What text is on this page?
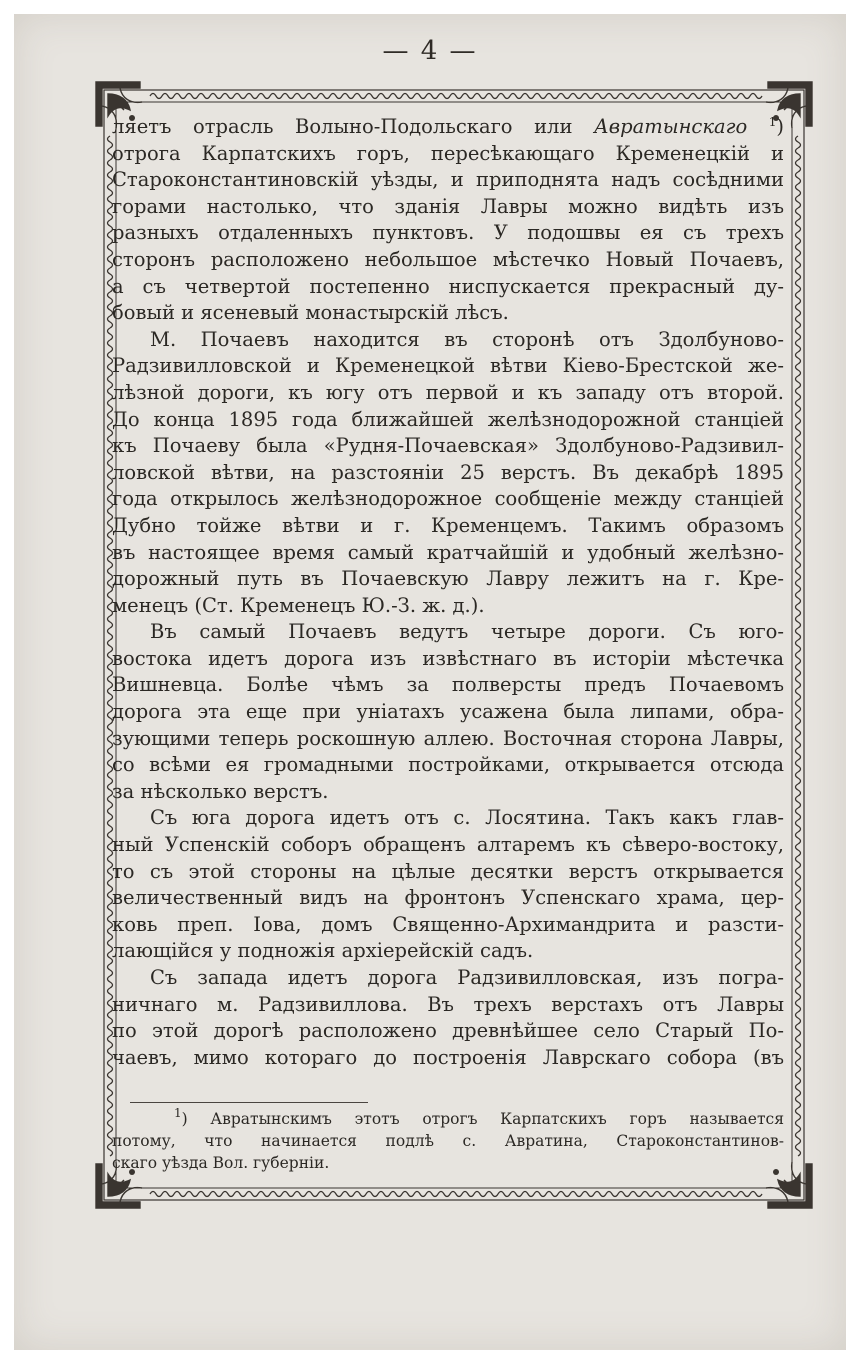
— 4 —
ляетъ отрасль Волыно-Подольскаго или Авратынскаго $^1$)
отрога Карпатскихъ горъ, пересѣкающаго Кременецкій и
Староконстантиновскій уѣзды, и приподнята надъ сосѣдними
горами настолько, что зданія Лавры можно видѣть изъ
разныхъ отдаленныхъ пунктовъ. У подошвы ея съ трехъ
сторонъ расположено небольшое мѣстечко Новый Почаевъ,
а съ четвертой постепенно ниспускается прекрасный ду-
бовый и ясеневый монастырскій лѣсъ.
М. Почаевъ находится въ сторонѣ отъ Здолбуново-
Радзивилловской и Кременецкой вѣтви Кіево-Брестской же-
лѣзной дороги, къ югу отъ первой и къ западу отъ второй.
До конца 1895 года ближайшей желѣзнодорожной станціей
къ Почаеву была «Рудня-Почаевская» Здолбуново-Радзивил-
ловской вѣтви, на разстояніи 25 верстъ. Въ декабрѣ 1895
года открылось желѣзнодорожное сообщеніе между станціей
Дубно тойже вѣтви и г. Кременцемъ. Такимъ образомъ
въ настоящее время самый кратчайшій и удобный желѣзно-
дорожный путь въ Почаевскую Лавру лежитъ на г. Кре-
менецъ (Ст. Кременецъ Ю.-З. ж. д.).
Въ самый Почаевъ ведутъ четыре дороги. Съ юго-
востока идетъ дорога изъ извѣстнаго въ исторіи мѣстечка
Вишневца. Болѣе чѣмъ за полверсты предъ Почаевомъ
дорога эта еще при уніатахъ усажена была липами, обра-
зующими теперь роскошную аллею. Восточная сторона Лавры,
со всѣми ея громадными постройками, открывается отсюда
за нѣсколько верстъ.
Съ юга дорога идетъ отъ с. Лосятина. Такъ какъ глав-
ный Успенскій соборъ обращенъ алтаремъ къ сѣверо-востоку,
то съ этой стороны на цѣлые десятки верстъ открывается
величественный видъ на фронтонъ Успенскаго храма, цер-
ковь преп. Іова, домъ Священно-Архимандрита и разсти-
лающійся у подножія архіерейскій садъ.
Съ запада идетъ дорога Радзивилловская, изъ погра-
ничнаго м. Радзивиллова. Въ трехъ верстахъ отъ Лавры
по этой дорогѣ расположено древнѣйшее село Старый По-
чаевъ, мимо котораго до построенія Лаврскаго собора (въ
$^1$) Авратынскимъ этотъ отрогъ Карпатскихъ горъ называется
потому, что начинается подлѣ с. Авратина, Староконстантинов-
скаго уѣзда Вол. губерніи.
